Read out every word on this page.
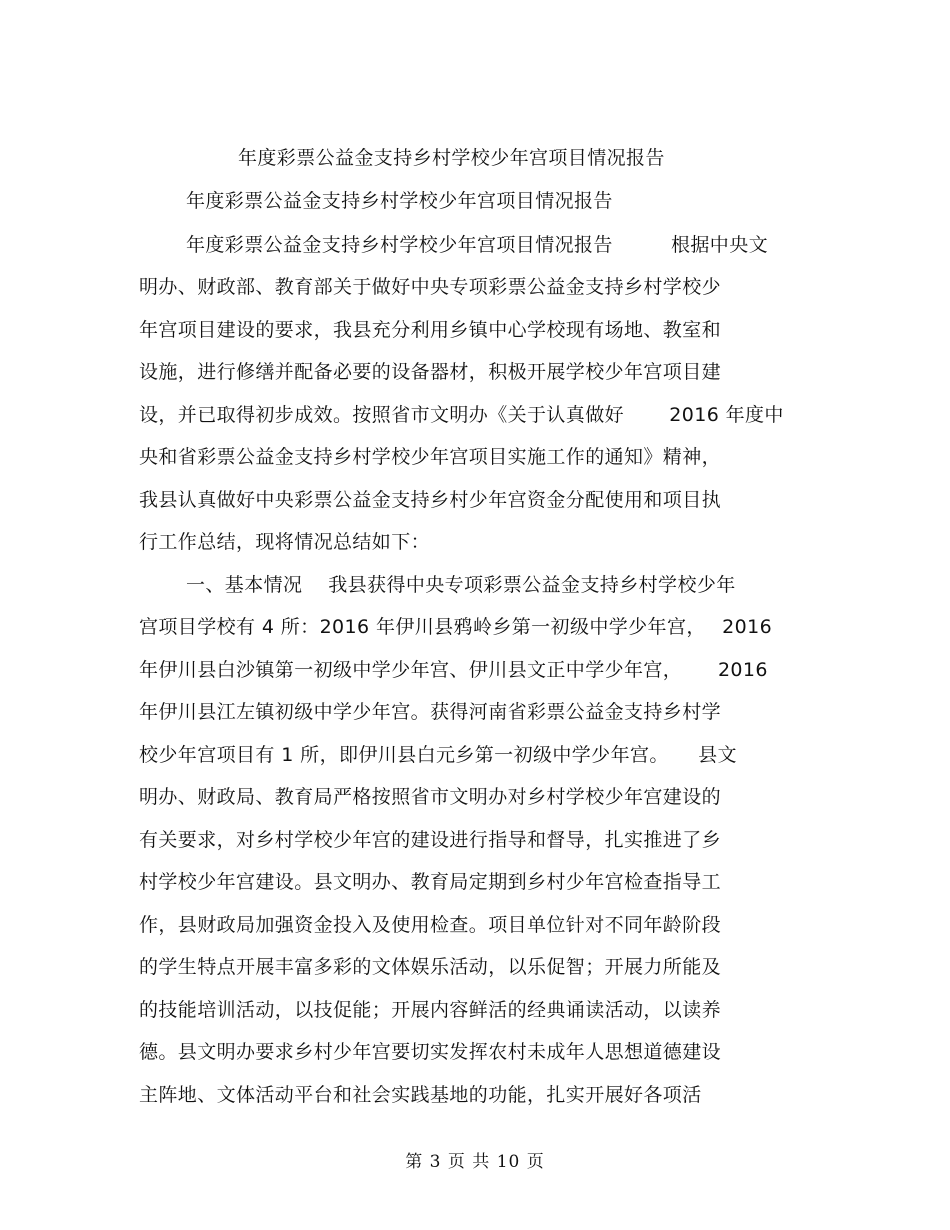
年度彩票公益金支持乡村学校少年宫项目情况报告
年度彩票公益金支持乡村学校少年宫项目情况报告
年度彩票公益金支持乡村学校少年宫项目情况报告　　　根据中央文
明办、财政部、教育部关于做好中央专项彩票公益金支持乡村学校少
年宫项目建设的要求，我县充分利用乡镇中心学校现有场地、教室和
设施，进行修缮并配备必要的设备器材，积极开展学校少年宫项目建
设，并已取得初步成效。按照省市文明办《关于认真做好　　 2016 年度中
央和省彩票公益金支持乡村学校少年宫项目实施工作的通知》精神，
我县认真做好中央彩票公益金支持乡村少年宫资金分配使用和项目执
行工作总结，现将情况总结如下：
一、基本情况　 我县获得中央专项彩票公益金支持乡村学校少年
宫项目学校有 4 所：2016 年伊川县鸦岭乡第一初级中学少年宫，　 2016
年伊川县白沙镇第一初级中学少年宫、伊川县文正中学少年宫，　　 2016
年伊川县江左镇初级中学少年宫。获得河南省彩票公益金支持乡村学
校少年宫项目有 1 所，即伊川县白元乡第一初级中学少年宫。　　县文
明办、财政局、教育局严格按照省市文明办对乡村学校少年宫建设的
有关要求，对乡村学校少年宫的建设进行指导和督导，扎实推进了乡
村学校少年宫建设。县文明办、教育局定期到乡村少年宫检查指导工
作，县财政局加强资金投入及使用检查。项目单位针对不同年龄阶段
的学生特点开展丰富多彩的文体娱乐活动，以乐促智；开展力所能及
的技能培训活动，以技促能；开展内容鲜活的经典诵读活动，以读养
德。县文明办要求乡村少年宫要切实发挥农村未成年人思想道德建设
主阵地、文体活动平台和社会实践基地的功能，扎实开展好各项活
第 3 页 共 10 页
